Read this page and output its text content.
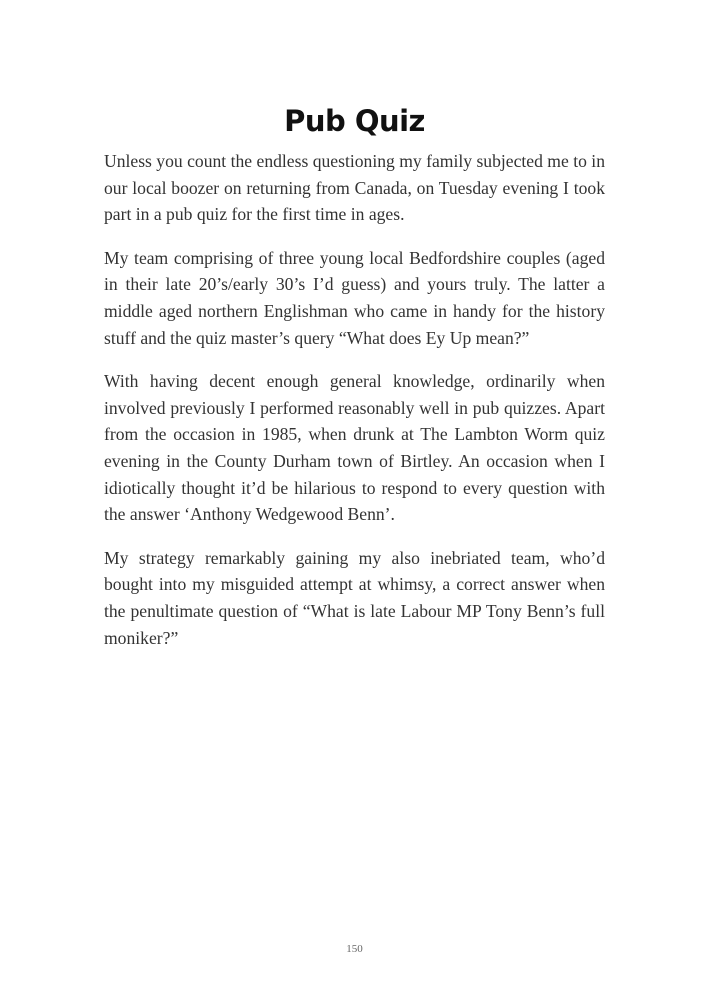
Pub Quiz

Unless you count the endless questioning my family subjected me to in our local boozer on returning from Canada, on Tuesday evening I took part in a pub quiz for the first time in ages.

My team comprising of three young local Bedfordshire couples (aged in their late 20’s/early 30’s I’d guess) and yours truly. The latter a middle aged northern Englishman who came in handy for the history stuff and the quiz master’s query “What does Ey Up mean?”

With having decent enough general knowledge, ordinarily when involved previously I performed reasonably well in pub quizzes. Apart from the occasion in 1985, when drunk at The Lambton Worm quiz evening in the County Durham town of Birtley. An occasion when I idiotically thought it’d be hilarious to respond to every question with the answer ‘Anthony Wedgewood Benn’.

My strategy remarkably gaining my also inebriated team, who’d bought into my misguided attempt at whimsy, a correct answer when the penultimate question of “What is late Labour MP Tony Benn’s full moniker?”

150
